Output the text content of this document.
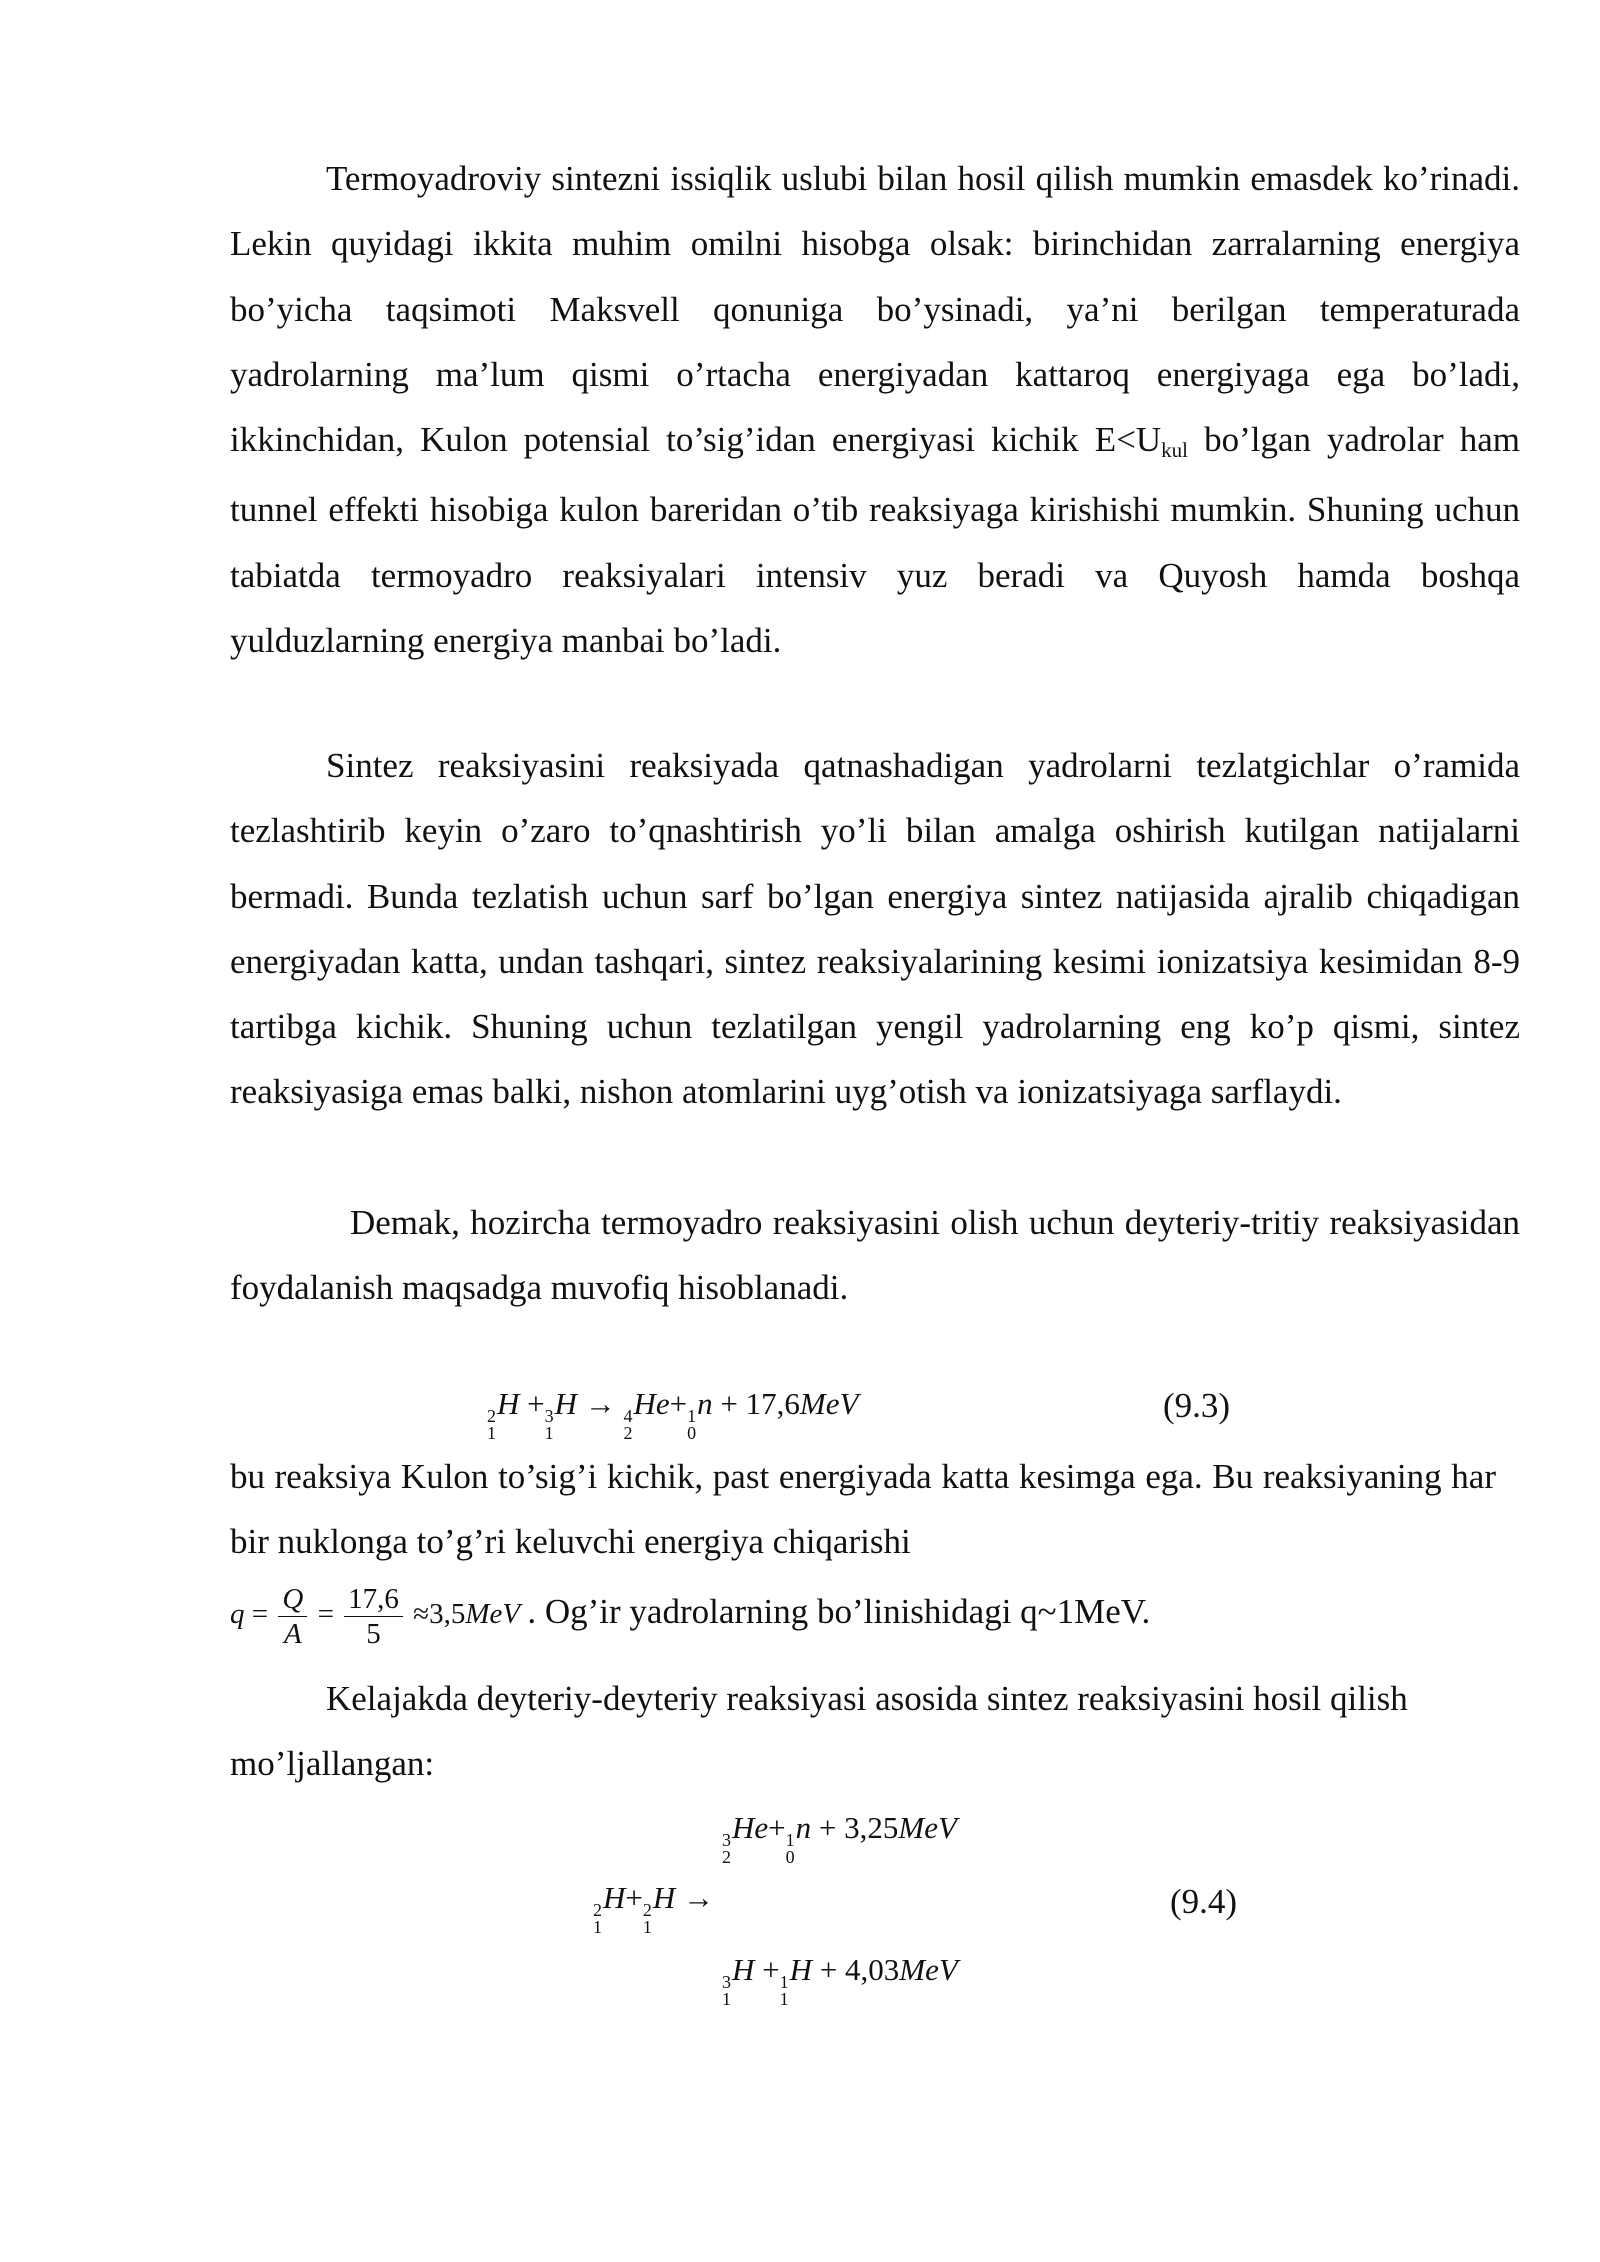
Termoyadroviy sintezni issiqlik uslubi bilan hosil qilish mumkin emasdek ko’rinadi. Lekin quyidagi ikkita muhim omilni hisobga olsak: birinchidan zarralarning energiya bo’yicha taqsimoti Maksvell qonuniga bo’ysinadi, ya’ni berilgan temperaturada yadrolarning ma’lum qismi o’rtacha energiyadan kattaroq energiyaga ega bo’ladi, ikkinchidan, Kulon potensial to’sig’idan energiyasi kichik $E<U_{kul}$ bo’lgan yadrolar ham tunnel effekti hisobiga kulon bareridan o’tib reaksiyaga kirishishi mumkin. Shuning uchun tabiatda termoyadro reaksiyalari intensiv yuz beradi va Quyosh hamda boshqa yulduzlarning energiya manbai bo’ladi.

Sintez reaksiyasini reaksiyada qatnashadigan yadrolarni tezlatgichlar o’ramida tezlashtirib keyin o’zaro to’qnashtirish yo’li bilan amalga oshirish kutilgan natijalarni bermadi. Bunda tezlatish uchun sarf bo’lgan energiya sintez natijasida ajralib chiqadigan energiyadan katta, undan tashqari, sintez reaksiyalarining kesimi ionizatsiya kesimidan 8-9 tartibga kichik. Shuning uchun tezlatilgan yengil yadrolarning eng ko’p qismi, sintez reaksiyasiga emas balki, nishon atomlarini uyg’otish va ionizatsiyaga sarflaydi.

Demak, hozircha termoyadro reaksiyasini olish uchun deyteriy-tritiy reaksiyasidan foydalanish maqsadga muvofiq hisoblanadi.

2
1
H + 3
1
H → 4
2
He+ 1
0
n + 17,6MeV	(9.3)

bu reaksiya Kulon to’sig’i kichik, past energiyada katta kesimga ega. Bu reaksiyaning har bir nuklonga to’g’ri keluvchi energiya chiqarishi

$q = \frac{Q}{A} = \frac{17,6}{5} \approx 3,5MeV$ . Og’ir yadrolarning bo’linishidagi q~1MeV.

Kelajakda deyteriy-deyteriy reaksiyasi asosida sintez reaksiyasini hosil qilish mo’ljallangan:

3
2
He+ 1
0
n + 3,25MeV
2
1
H+ 2
1
H →	(9.4)
3
1
H + 1
1
H + 4,03MeV
